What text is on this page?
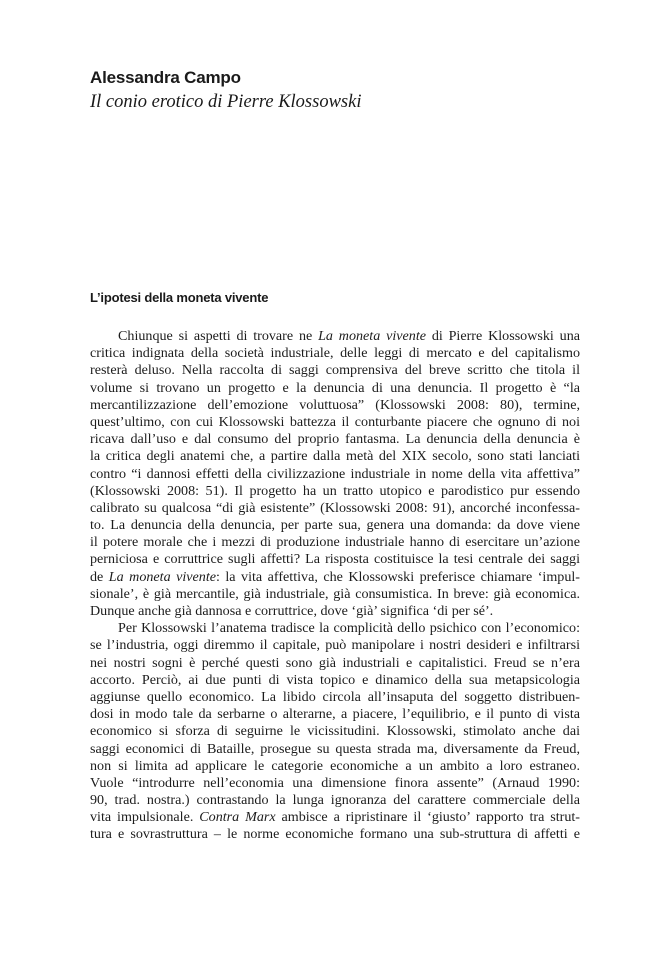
Alessandra Campo
Il conio erotico di Pierre Klossowski
L’ipotesi della moneta vivente
Chiunque si aspetti di trovare ne La moneta vivente di Pierre Klossowski una
critica indignata della società industriale, delle leggi di mercato e del capitalismo
resterà deluso. Nella raccolta di saggi comprensiva del breve scritto che titola il
volume si trovano un progetto e la denuncia di una denuncia. Il progetto è “la
mercantilizzazione dell’emozione voluttuosa” (Klossowski 2008: 80), termine,
quest’ultimo, con cui Klossowski battezza il conturbante piacere che ognuno di noi
ricava dall’uso e dal consumo del proprio fantasma. La denuncia della denuncia è
la critica degli anatemi che, a partire dalla metà del XIX secolo, sono stati lanciati
contro “i dannosi effetti della civilizzazione industriale in nome della vita affettiva”
(Klossowski 2008: 51). Il progetto ha un tratto utopico e parodistico pur essendo
calibrato su qualcosa “di già esistente” (Klossowski 2008: 91), ancorché inconfessa-
to. La denuncia della denuncia, per parte sua, genera una domanda: da dove viene
il potere morale che i mezzi di produzione industriale hanno di esercitare un’azione
perniciosa e corruttrice sugli affetti? La risposta costituisce la tesi centrale dei saggi
de La moneta vivente: la vita affettiva, che Klossowski preferisce chiamare ‘impul-
sionale’, è già mercantile, già industriale, già consumistica. In breve: già economica.
Dunque anche già dannosa e corruttrice, dove ‘già’ significa ‘di per sé’.
Per Klossowski l’anatema tradisce la complicità dello psichico con l’economico:
se l’industria, oggi diremmo il capitale, può manipolare i nostri desideri e infiltrarsi
nei nostri sogni è perché questi sono già industriali e capitalistici. Freud se n’era
accorto. Perciò, ai due punti di vista topico e dinamico della sua metapsicologia
aggiunse quello economico. La libido circola all’insaputa del soggetto distribuen-
dosi in modo tale da serbarne o alterarne, a piacere, l’equilibrio, e il punto di vista
economico si sforza di seguirne le vicissitudini. Klossowski, stimolato anche dai
saggi economici di Bataille, prosegue su questa strada ma, diversamente da Freud,
non si limita ad applicare le categorie economiche a un ambito a loro estraneo.
Vuole “introdurre nell’economia una dimensione finora assente” (Arnaud 1990:
90, trad. nostra.) contrastando la lunga ignoranza del carattere commerciale della
vita impulsionale. Contra Marx ambisce a ripristinare il ‘giusto’ rapporto tra strut-
tura e sovrastruttura – le norme economiche formano una sub-struttura di affetti e
